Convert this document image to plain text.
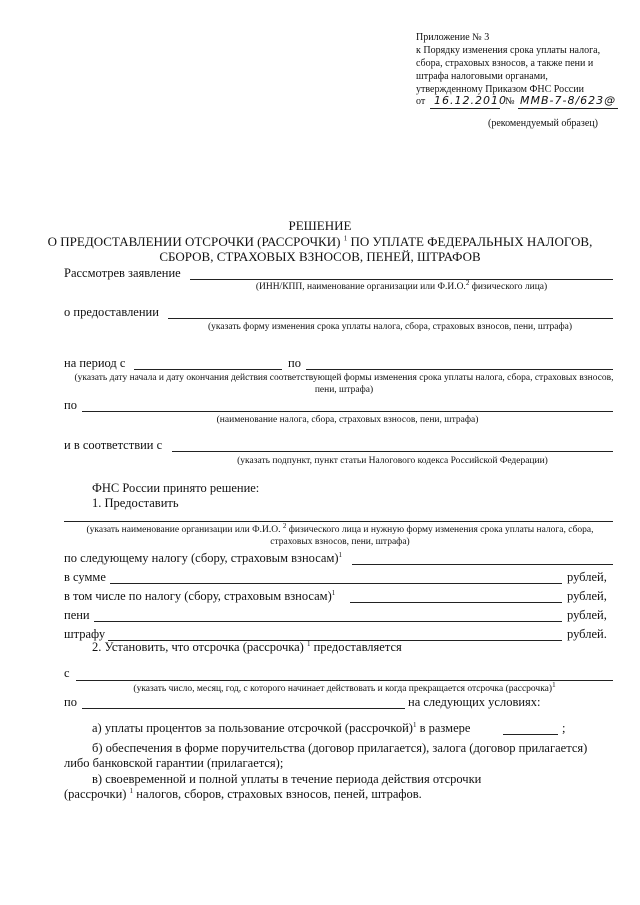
Приложение № 3
к Порядку изменения срока уплаты налога,
сбора, страховых взносов, а также пени и
штрафа налоговыми органами,
утвержденному Приказом ФНС России
от 16.12.2010
№ ММВ-7-8/623@
(рекомендуемый образец)
РЕШЕНИЕ
О ПРЕДОСТАВЛЕНИИ ОТСРОЧКИ (РАССРОЧКИ) $^1$ ПО УПЛАТЕ ФЕДЕРАЛЬНЫХ НАЛОГОВ,
СБОРОВ, СТРАХОВЫХ ВЗНОСОВ, ПЕНЕЙ, ШТРАФОВ
Рассмотрев заявление
(ИНН/КПП, наименование организации или Ф.И.О.$^2$ физического лица)
о предоставлении
(указать форму изменения срока уплаты налога, сбора, страховых взносов, пени, штрафа)
на период с	по
(указать дату начала и дату окончания действия соответствующей формы изменения срока уплаты налога, сбора, страховых взносов, пени, штрафа)
по
(наименование налога, сбора, страховых взносов, пени, штрафа)
и в соответствии с
(указать подпункт, пункт статьи Налогового кодекса Российской Федерации)
ФНС России принято решение:
1. Предоставить
(указать наименование организации или Ф.И.О. $^2$ физического лица и нужную форму изменения срока уплаты налога, сбора, страховых взносов, пени, штрафа)
по следующему налогу (сбору, страховым взносам)$^1$
в сумме	рублей,
в том числе по налогу (сбору, страховым взносам)$^1$	рублей,
пени	рублей,
штрафу	рублей.
2. Установить, что отсрочка (рассрочка) $^1$ предоставляется
с
(указать число, месяц, год, с которого начинает действовать и когда прекращается отсрочка (рассрочка)$^1$
по	на следующих условиях:
а) уплаты процентов за пользование отсрочкой (рассрочкой)$^1$ в размере	;
б) обеспечения в форме поручительства (договор прилагается), залога (договор прилагается)
либо банковской гарантии (прилагается);
в) своевременной и полной уплаты в течение периода действия отсрочки
(рассрочки) $^1$ налогов, сборов, страховых взносов, пеней, штрафов.
